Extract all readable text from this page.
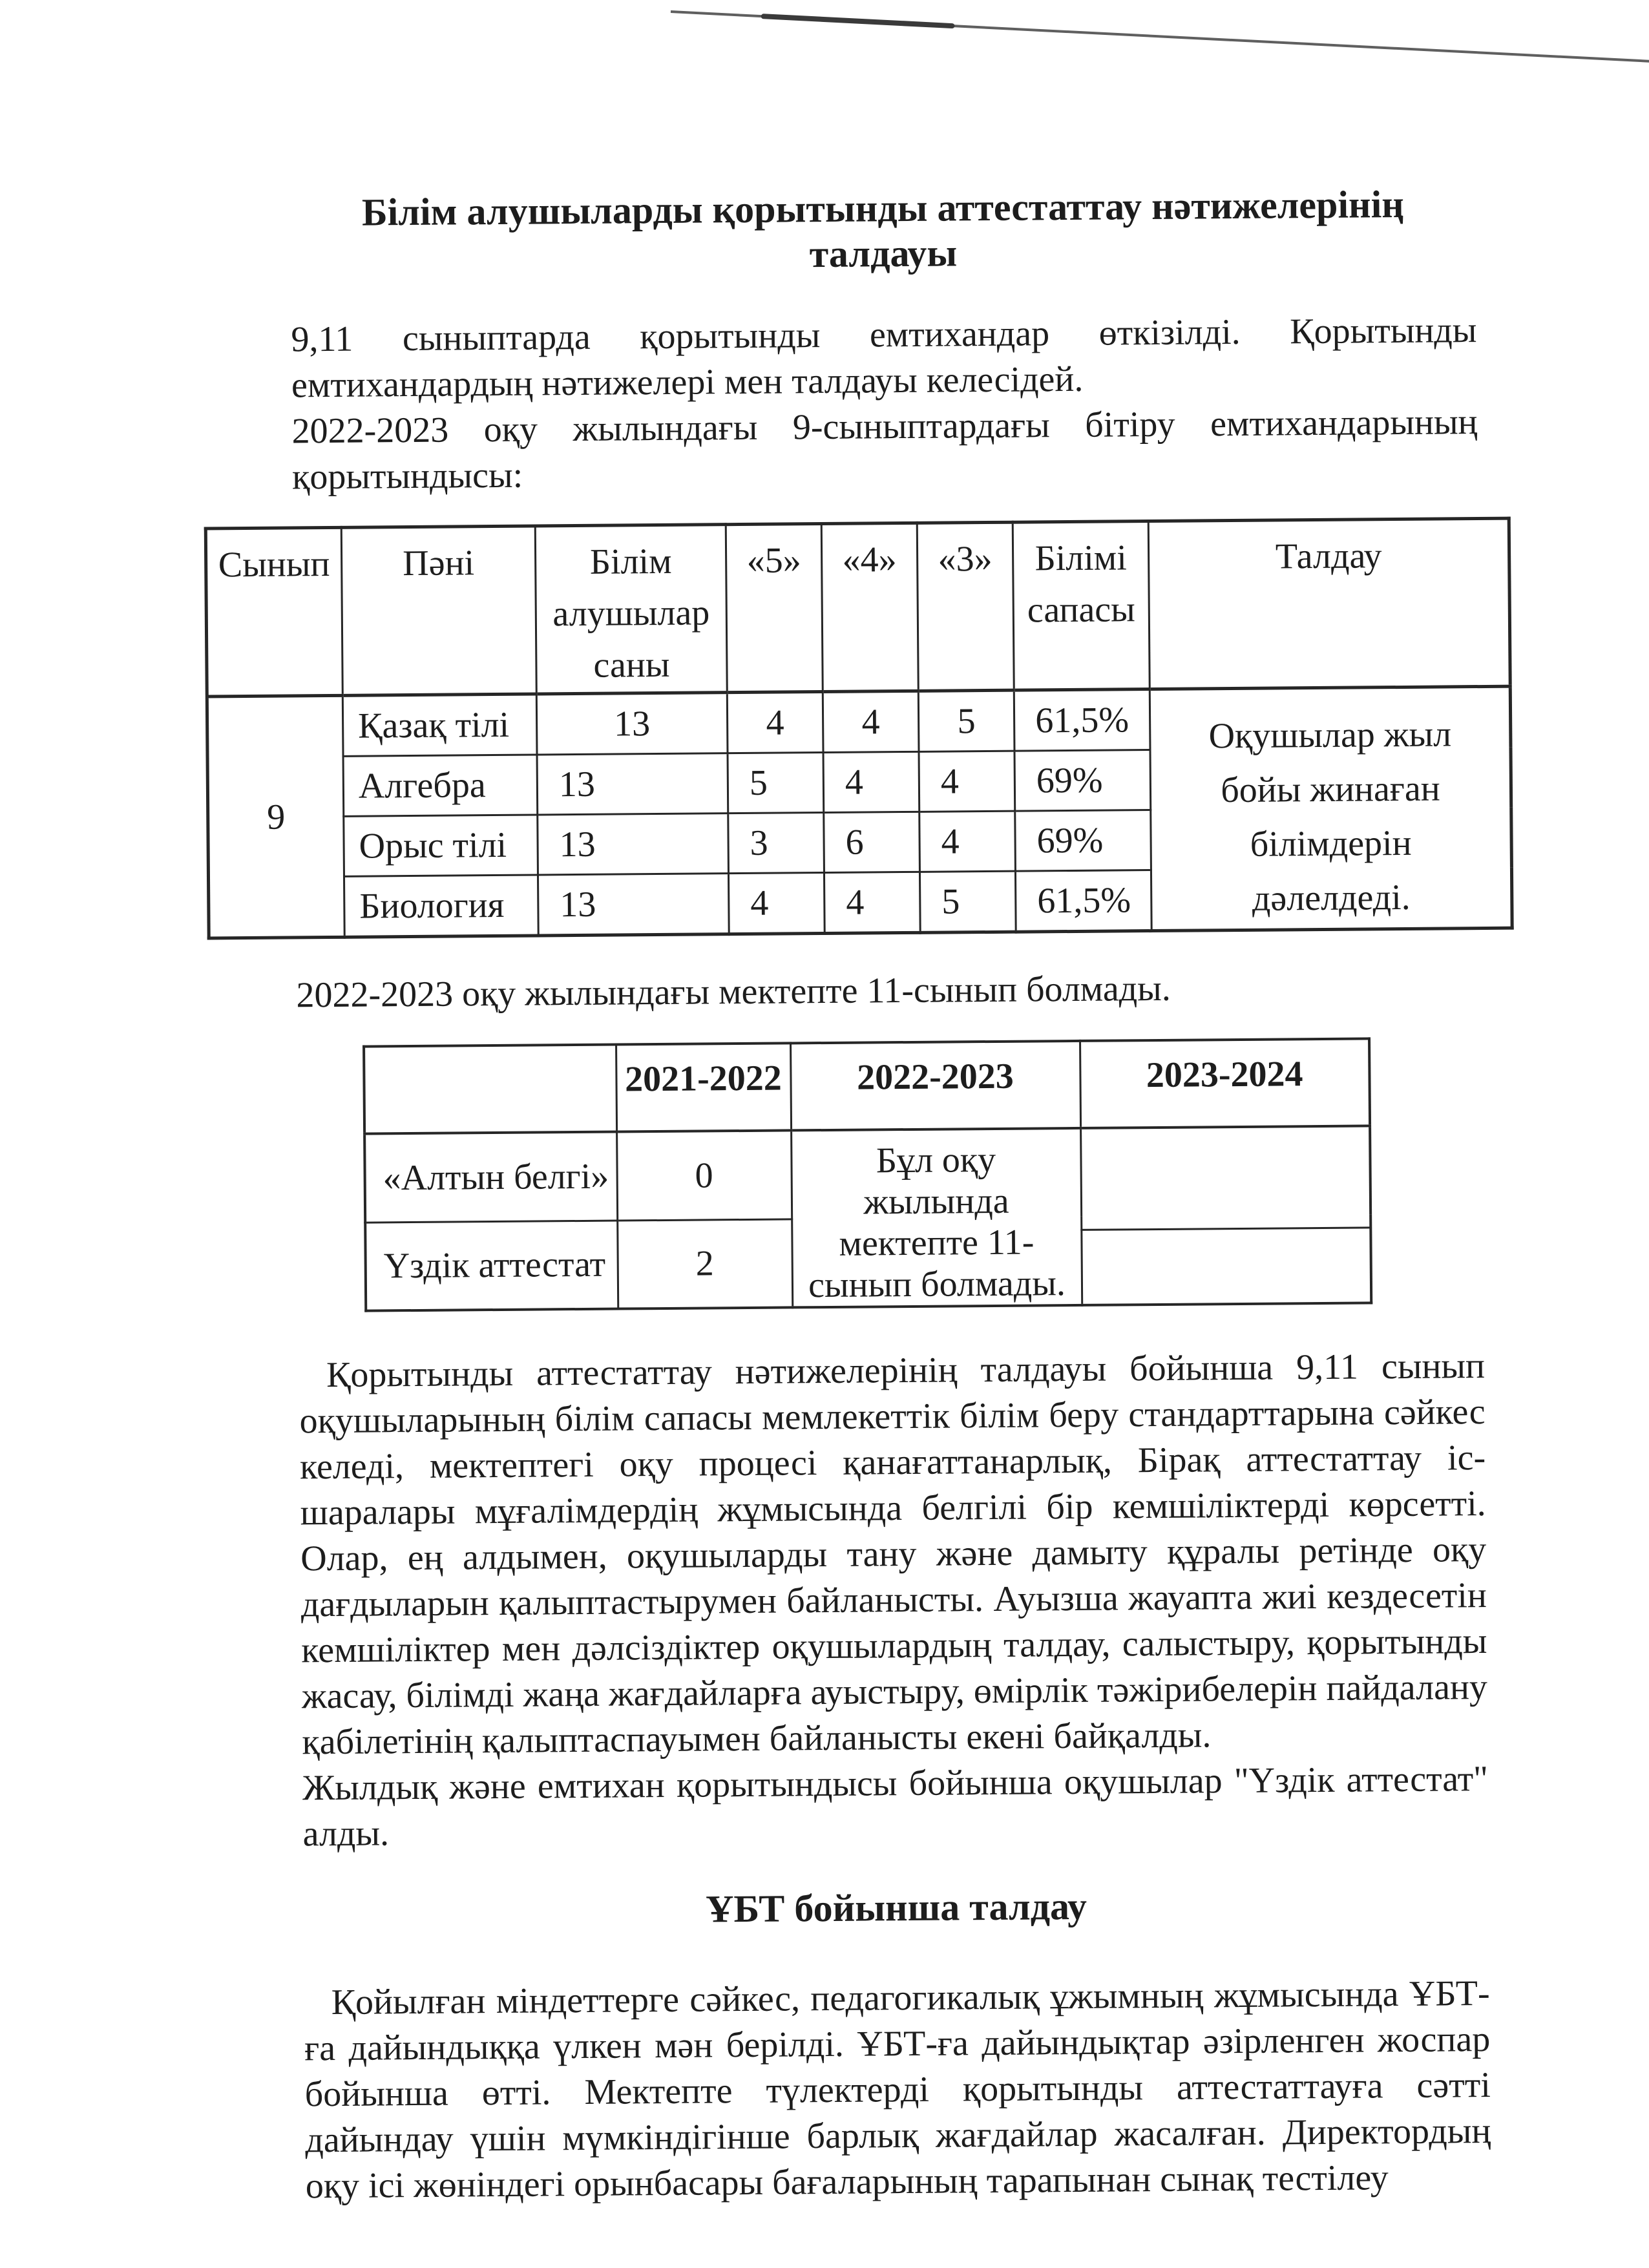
Білім алушыларды қорытынды аттестаттау нәтижелерінің талдауы

9,11 сыныптарда қорытынды емтихандар өткізілді. Қорытынды емтихандардың нәтижелері мен талдауы келесідей.

2022-2023 оқу жылындағы 9-сыныптардағы бітіру емтихандарының қорытындысы:

Сынып	Пәні	Білім алушылар саны	«5»	«4»	«3»	Білімі сапасы	Талдау
9	Қазақ тілі	13	4	4	5	61,5%	Оқушылар жыл бойы жинаған білімдерін дәлелдеді.
	Алгебра	13	5	4	4	69%	
	Орыс тілі	13	3	6	4	69%	
	Биология	13	4	4	5	61,5%	

2022-2023 оқу жылындағы мектепте 11-сынып болмады.

	2021-2022	2022-2023	2023-2024
«Алтын белгі»	0	Бұл оқу жылында мектепте 11-сынып болмады.	

Үздік аттестат	2		

Қорытынды аттестаттау нәтижелерінің талдауы бойынша 9,11 сынып оқушыларының білім сапасы мемлекеттік білім беру стандарттарына сәйкес келеді, мектептегі оқу процесі қанағаттанарлық, Бірақ аттестаттау іс-шаралары мұғалімдердің жұмысында белгілі бір кемшіліктерді көрсетті. Олар, ең алдымен, оқушыларды тану және дамыту құралы ретінде оқу дағдыларын қалыптастырумен байланысты. Ауызша жауапта жиі кездесетін кемшіліктер мен дәлсіздіктер оқушылардың талдау, салыстыру, қорытынды жасау, білімді жаңа жағдайларға ауыстыру, өмірлік тәжірибелерін пайдалану қабілетінің қалыптаспауымен байланысты екені байқалды.

Жылдық және емтихан қорытындысы бойынша оқушылар "Үздік аттестат" алды.

ҰБТ бойынша талдау

Қойылған міндеттерге сәйкес, педагогикалық ұжымның жұмысында ҰБТ-ға дайындыққа үлкен мән берілді. ҰБТ-ға дайындықтар әзірленген жоспар бойынша өтті. Мектепте түлектерді қорытынды аттестаттауға сәтті дайындау үшін мүмкіндігінше барлық жағдайлар жасалған. Директордың оқу ісі жөніндегі орынбасары бағаларының тарапынан сынақ тестілеу
